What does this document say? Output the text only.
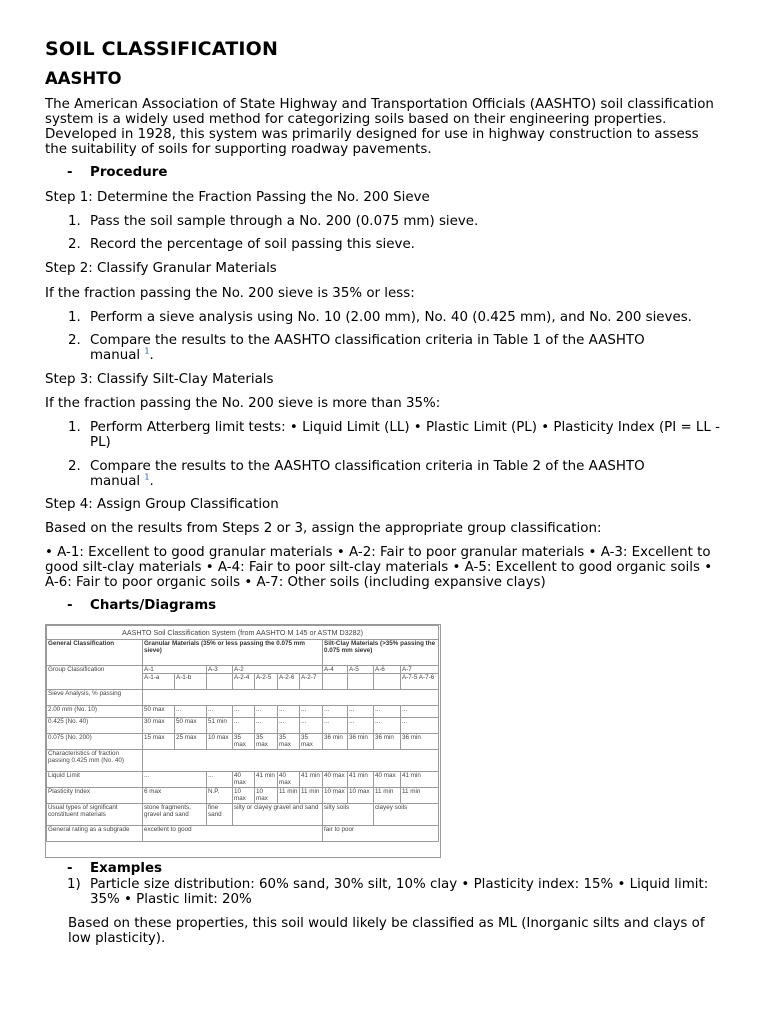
SOIL CLASSIFICATION
AASHTO
The American Association of State Highway and Transportation Officials (AASHTO) soil classification system is a widely used method for categorizing soils based on their engineering properties. Developed in 1928, this system was primarily designed for use in highway construction to assess the suitability of soils for supporting roadway pavements.
- Procedure
Step 1: Determine the Fraction Passing the No. 200 Sieve
1. Pass the soil sample through a No. 200 (0.075 mm) sieve.
2. Record the percentage of soil passing this sieve.
Step 2: Classify Granular Materials
If the fraction passing the No. 200 sieve is 35% or less:
1. Perform a sieve analysis using No. 10 (2.00 mm), No. 40 (0.425 mm), and No. 200 sieves.
2. Compare the results to the AASHTO classification criteria in Table 1 of the AASHTO manual $^1$.
Step 3: Classify Silt-Clay Materials
If the fraction passing the No. 200 sieve is more than 35%:
1. Perform Atterberg limit tests: • Liquid Limit (LL) • Plastic Limit (PL) • Plasticity Index (PI = LL - PL)
2. Compare the results to the AASHTO classification criteria in Table 2 of the AASHTO manual $^1$.
Step 4: Assign Group Classification
Based on the results from Steps 2 or 3, assign the appropriate group classification:
• A-1: Excellent to good granular materials • A-2: Fair to poor granular materials • A-3: Excellent to good silt-clay materials • A-4: Fair to poor silt-clay materials • A-5: Excellent to good organic soils • A-6: Fair to poor organic soils • A-7: Other soils (including expansive clays)
- Charts/Diagrams
AASHTO Soil Classification System (from AASHTO M 145 or ASTM D3282)											
General Classification	Granular Materials (35% or less passing the 0.075 mm sieve)							Silt-Clay Materials (>35% passing the 0.075 mm sieve)			
Group Classification	A-1		A-3	A-2				A-4	A-5	A-6	A-7
	A-1-a	A-1-b		A-2-4	A-2-5	A-2-6	A-2-7				A-7-5 A-7-6
Sieve Analysis, % passing											
2.00 mm (No. 10)	50 max	...	...	...	...	...	...	...	...	...	...
0.425 (No. 40)	30 max	50 max	51 min	...	...	...	...	...	...	...	...
0.075 (No. 200)	15 max	25 max	10 max	35 max	35 max	35 max	35 max	36 min	36 min	36 min	36 min
Characteristics of fraction passing 0.425 mm (No. 40)											
Liquid Limit	...		...	40 max	41 min	40 max	41 min	40 max	41 min	40 max	41 min
Plasticity Index	6 max		N.P.	10 max	10 max	11 min	11 min	10 max	10 max	11 min	11 min
Usual types of significant constituent materials	stone fragments, gravel and sand		fine sand	silty or clayey gravel and sand				silty soils		clayey soils	
General rating as a subgrade	excellent to good							fair to poor			
- Examples
1) Particle size distribution: 60% sand, 30% silt, 10% clay • Plasticity index: 15% • Liquid limit: 35% • Plastic limit: 20%
Based on these properties, this soil would likely be classified as ML (Inorganic silts and clays of low plasticity).
